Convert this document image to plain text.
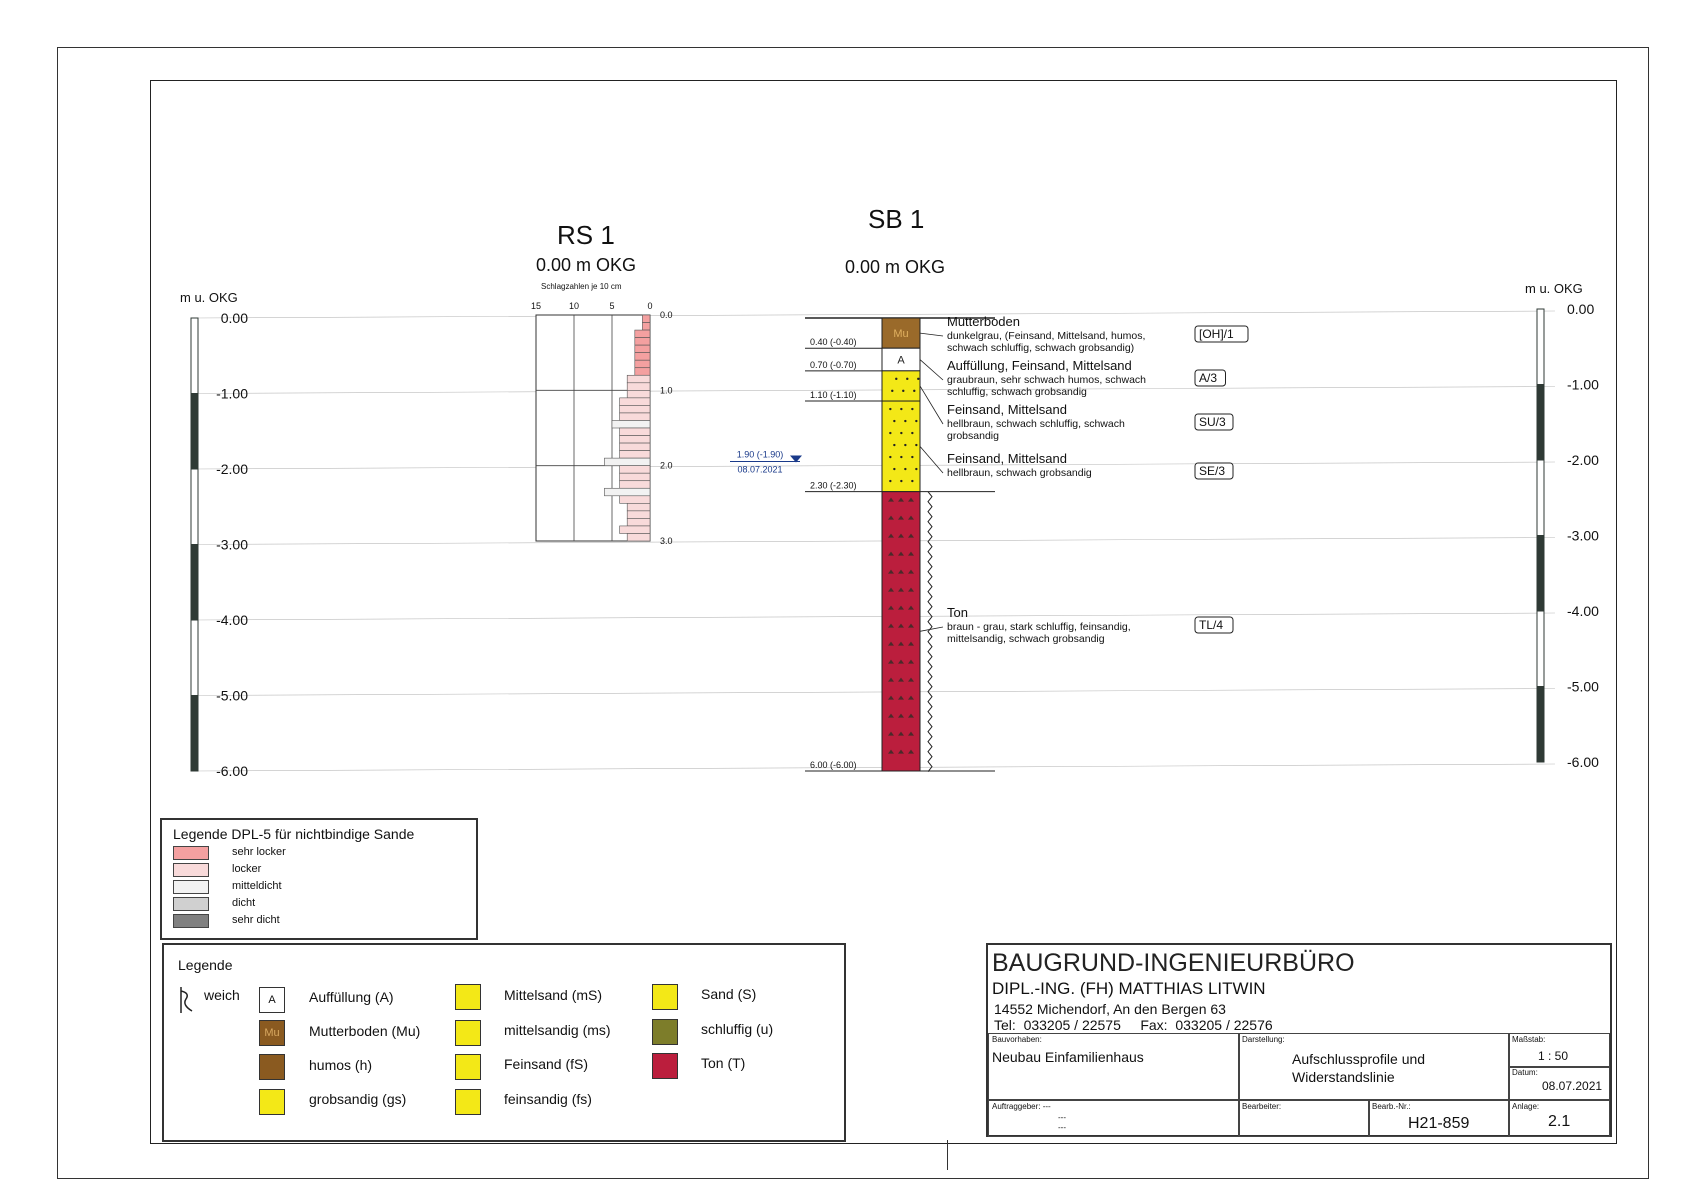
0.00
-1.00
-2.00
-3.00
-4.00
-5.00
-6.00
0.00
-1.00
-2.00
-3.00
-4.00
-5.00
-6.00
15	10	5	0
0.0
1.0
2.0
3.0
Mu
0.40 (-0.40)
Mutterboden
dunkelgrau, (Feinsand, Mittelsand, humos,
schwach schluffig, schwach grobsandig)
[OH]/1
A
0.70 (-0.70)	Auffüllung, Feinsand, Mittelsand
graubraun, sehr schwach humos, schwach
schluffig, schwach grobsandig
A/3
1.10 (-1.10)
Feinsand, Mittelsand
hellbraun, schwach schluffig, schwach
grobsandig
SU/3
2.30 (-2.30)
Feinsand, Mittelsand
hellbraun, schwach grobsandig	SE/3
6.00 (-6.00)
Ton
braun - grau, stark schluffig, feinsandig,
mittelsandig, schwach grobsandig
TL/4
1.90 (-1.90)
08.07.2021
m u. OKG
m u. OKG
RS 1
0.00 m OKG
Schlagzahlen je 10 cm
SB 1
0.00 m OKG
Legende DPL-5 für nichtbindige Sande
sehr locker
locker
mitteldicht
dicht
sehr dicht
Legende
weich	A	Auffüllung (A)
Mu	Mutterboden (Mu)
humos (h)
grobsandig (gs)
Mittelsand (mS)
mittelsandig (ms)
Feinsand (fS)
feinsandig (fs)
Sand (S)
schluffig (u)
Ton (T)
BAUGRUND-INGENIEURBÜRO
DIPL.-ING. (FH) MATTHIAS LITWIN
14552 Michendorf, An den Bergen 63
Tel:  033205 / 22575     Fax:  033205 / 22576
Bauvorhaben:
Neubau Einfamilienhaus
Darstellung:
Aufschlussprofile und
Widerstandslinie
Maßstab:
1 : 50
Datum:
08.07.2021
Auftraggeber: ---
---
---
Bearbeiter:	Bearb.-Nr.:
H21-859
Anlage:
2.1
